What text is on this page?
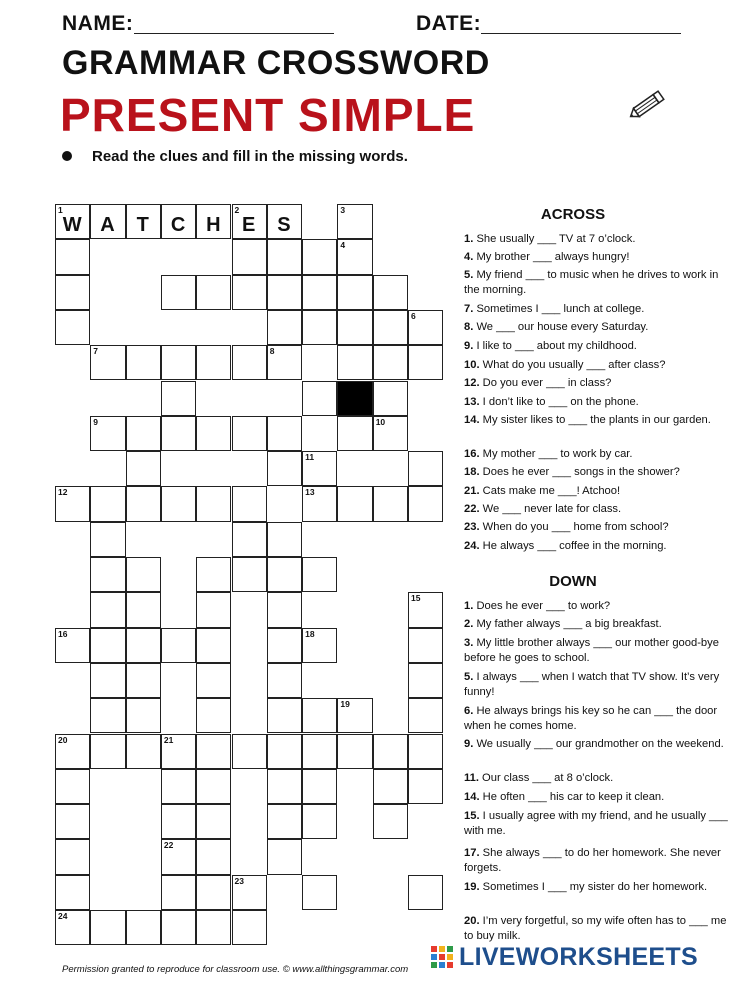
NAME:	DATE:
GRAMMAR CROSSWORD
PRESENT SIMPLE
Read the clues and fill in the missing words.
1
W A	T	C H
2
E	S
3
4
6
7	8
9	10
11
12	13
15
16	18
19
20	21
22
23
24
ACROSS
1. She usually ___ TV at 7 o’clock.
4. My brother ___ always hungry!
5. My friend ___ to music when he drives to work in the morning.
7. Sometimes I ___ lunch at college.
8. We ___ our house every Saturday.
9. I like to ___ about my childhood.
10. What do you usually ___ after class?
12. Do you ever ___ in class?
13. I don’t like to ___ on the phone.
14. My sister likes to ___ the plants in our garden.
16. My mother ___ to work by car.
18. Does he ever ___ songs in the shower?
21. Cats make me ___! Atchoo!
22. We ___ never late for class.
23. When do you ___ home from school?
24. He always ___ coffee in the morning.
DOWN
1. Does he ever ___ to work?
2. My father always ___ a big breakfast.
3. My little brother always ___ our mother good-bye before he goes to school.
5. I always ___ when I watch that TV show. It’s very funny!
6. He always brings his key so he can ___ the door when he comes home.
9. We usually ___ our grandmother on the weekend.
11. Our class ___ at 8 o’clock.
14. He often ___ his car to keep it clean.
15. I usually agree with my friend, and he usually ___ with me.
17. She always ___ to do her homework. She never forgets.
19. Sometimes I ___ my sister do her homework.
20. I’m very forgetful, so my wife often has to ___ me to buy milk.
Permission granted to reproduce for classroom use. © www.allthingsgrammar.com LIVEWORKSHEETS
